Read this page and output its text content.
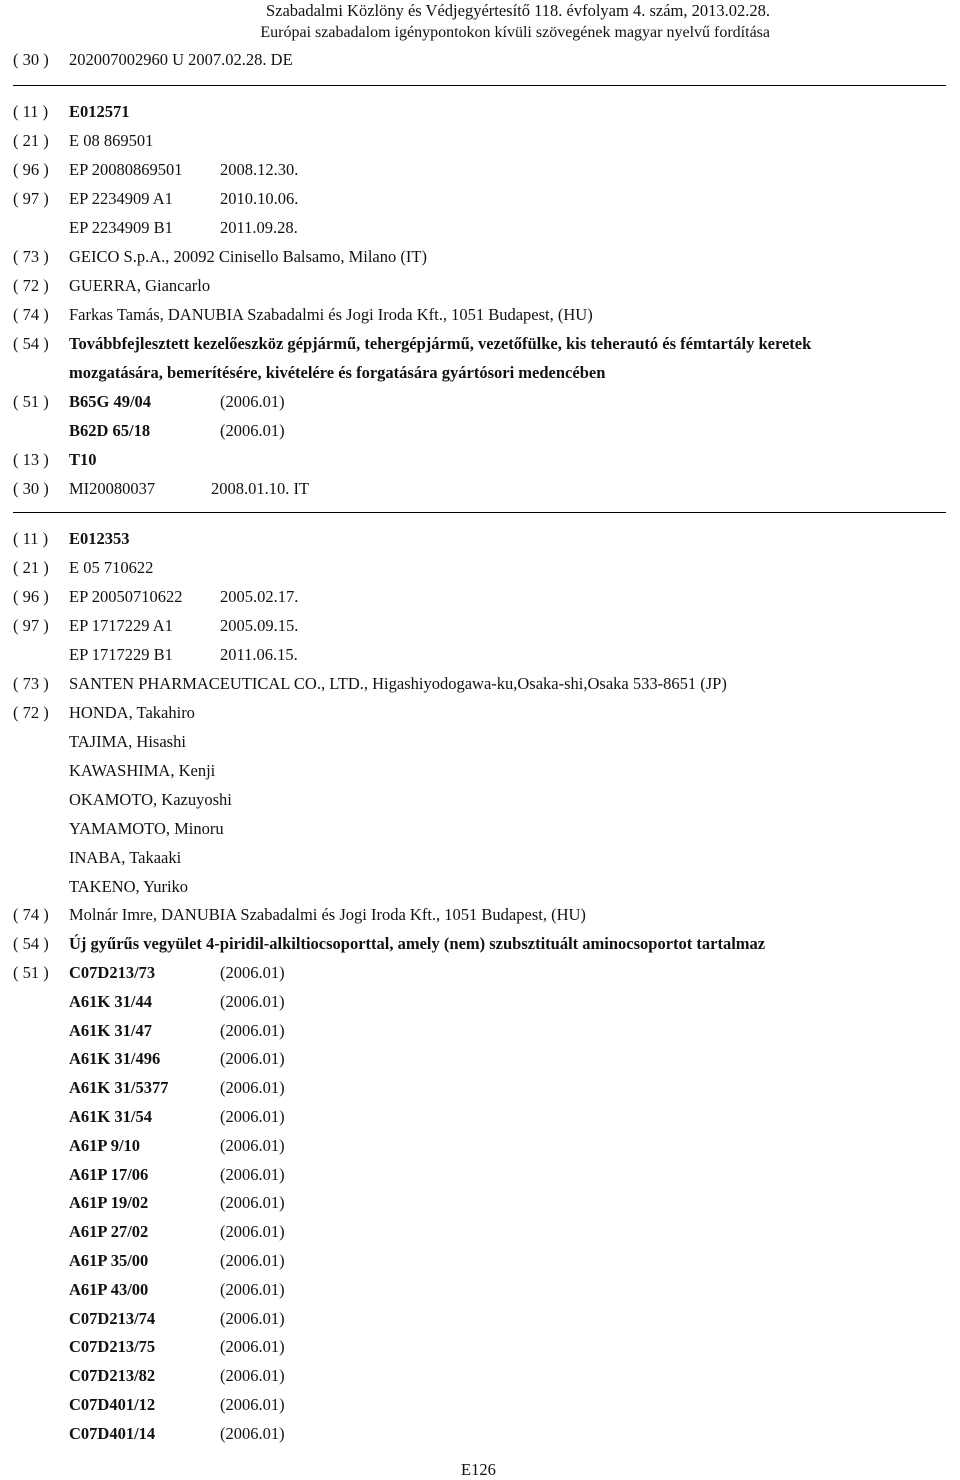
Szabadalmi Közlöny és Védjegyértesítő 118. évfolyam 4. szám, 2013.02.28.
Európai szabadalom igénypontokon kívüli szövegének magyar nyelvű fordítása
( 30 )	202007002960 U 2007.02.28. DE
( 11 )	E012571
( 21 )	E 08 869501
( 96 )	EP 20080869501 2008.12.30.
( 97 )	EP 2234909 A1	2010.10.06.
EP 2234909 B1	2011.09.28.
( 73 )	GEICO S.p.A., 20092 Cinisello Balsamo, Milano (IT)
( 72 )	GUERRA, Giancarlo
( 74 )	Farkas Tamás, DANUBIA Szabadalmi és Jogi Iroda Kft., 1051 Budapest, (HU)
( 54 )	Továbbfejlesztett kezelőeszköz gépjármű, tehergépjármű, vezetőfülke, kis teherautó és fémtartály keretek
mozgatására, bemerítésére, kivételére és forgatására gyártósori medencében
( 51 )	B65G 49/04	(2006.01)
B62D 65/18	(2006.01)
( 13 )	T10
( 30 )	MI20080037	2008.01.10. IT
( 11 )	E012353
( 21 )	E 05 710622
( 96 )	EP 20050710622 2005.02.17.
( 97 )	EP 1717229 A1	2005.09.15.
EP 1717229 B1	2011.06.15.
( 73 )	SANTEN PHARMACEUTICAL CO., LTD., Higashiyodogawa-ku,Osaka-shi,Osaka 533-8651 (JP)
( 72 )	HONDA, Takahiro
TAJIMA, Hisashi
KAWASHIMA, Kenji
OKAMOTO, Kazuyoshi
YAMAMOTO, Minoru
INABA, Takaaki
TAKENO, Yuriko
( 74 )	Molnár Imre, DANUBIA Szabadalmi és Jogi Iroda Kft., 1051 Budapest, (HU)
( 54 )	Új gyűrűs vegyület 4-piridil-alkiltiocsoporttal, amely (nem) szubsztituált aminocsoportot tartalmaz
( 51 )	C07D213/73	(2006.01)
A61K 31/44	(2006.01)
A61K 31/47	(2006.01)
A61K 31/496	(2006.01)
A61K 31/5377	(2006.01)
A61K 31/54	(2006.01)
A61P 9/10	(2006.01)
A61P 17/06	(2006.01)
A61P 19/02	(2006.01)
A61P 27/02	(2006.01)
A61P 35/00	(2006.01)
A61P 43/00	(2006.01)
C07D213/74	(2006.01)
C07D213/75	(2006.01)
C07D213/82	(2006.01)
C07D401/12	(2006.01)
C07D401/14	(2006.01)
E126
